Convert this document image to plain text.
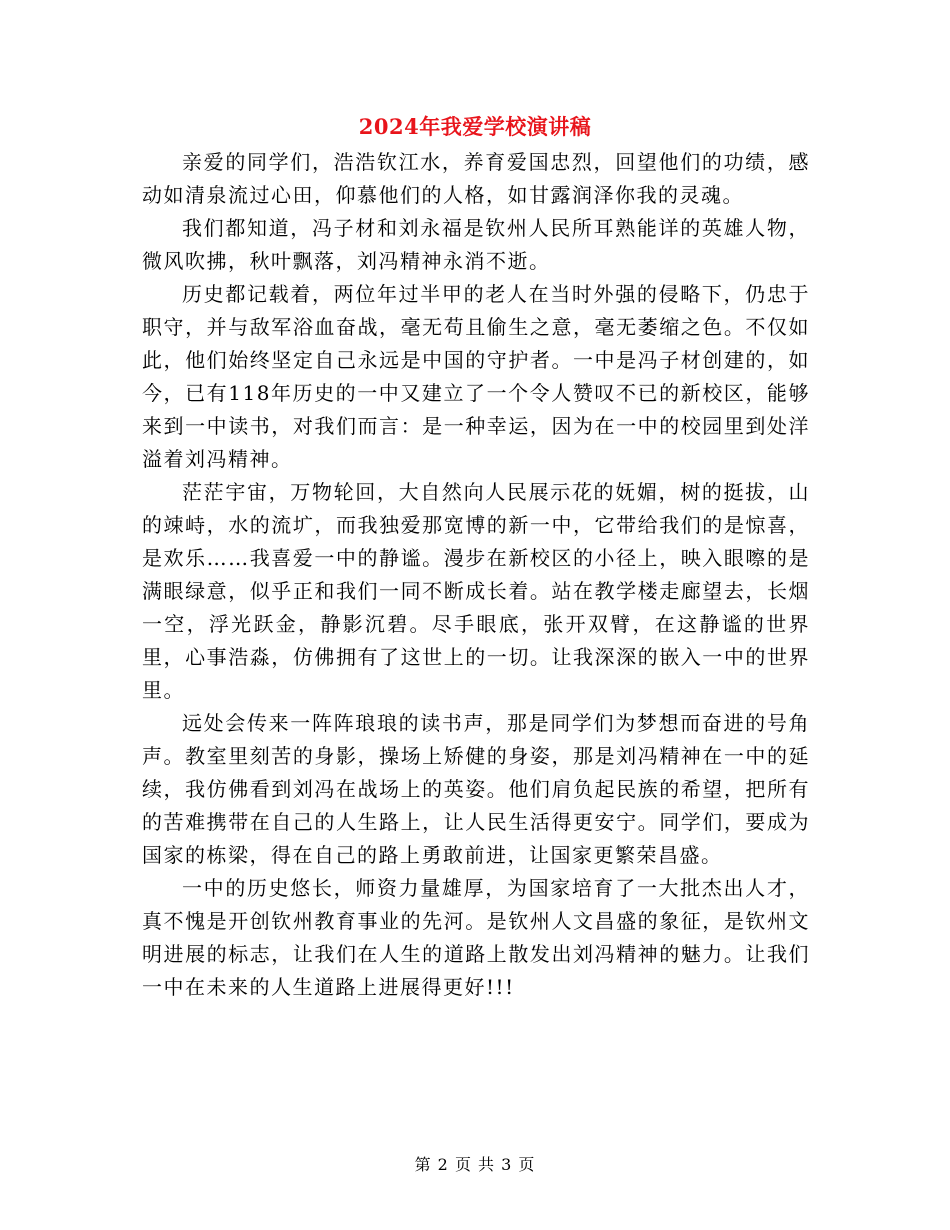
2024年我爱学校演讲稿

亲爱的同学们，浩浩钦江水，养育爱国忠烈，回望他们的功绩，感动如清泉流过心田，仰慕他们的人格，如甘露润泽你我的灵魂。

我们都知道，冯子材和刘永福是钦州人民所耳熟能详的英雄人物，微风吹拂，秋叶飘落，刘冯精神永消不逝。

历史都记载着，两位年过半甲的老人在当时外强的侵略下，仍忠于职守，并与敌军浴血奋战，毫无苟且偷生之意，毫无萎缩之色。不仅如此，他们始终坚定自己永远是中国的守护者。一中是冯子材创建的，如今，已有118年历史的一中又建立了一个令人赞叹不已的新校区，能够来到一中读书，对我们而言：是一种幸运，因为在一中的校园里到处洋溢着刘冯精神。

茫茫宇宙，万物轮回，大自然向人民展示花的妩媚，树的挺拔，山的竦峙，水的流圹，而我独爱那宽博的新一中，它带给我们的是惊喜，是欢乐……我喜爱一中的静谧。漫步在新校区的小径上，映入眼嚓的是满眼绿意，似乎正和我们一同不断成长着。站在教学楼走廊望去，长烟一空，浮光跃金，静影沉碧。尽手眼底，张开双臂，在这静谧的世界里，心事浩淼，仿佛拥有了这世上的一切。让我深深的嵌入一中的世界里。

远处会传来一阵阵琅琅的读书声，那是同学们为梦想而奋进的号角声。教室里刻苦的身影，操场上矫健的身姿，那是刘冯精神在一中的延续，我仿佛看到刘冯在战场上的英姿。他们肩负起民族的希望，把所有的苦难携带在自己的人生路上，让人民生活得更安宁。同学们，要成为国家的栋梁，得在自己的路上勇敢前进，让国家更繁荣昌盛。

一中的历史悠长，师资力量雄厚，为国家培育了一大批杰出人才，真不愧是开创钦州教育事业的先河。是钦州人文昌盛的象征，是钦州文明进展的标志，让我们在人生的道路上散发出刘冯精神的魅力。让我们一中在未来的人生道路上进展得更好!!!

第 2 页 共 3 页
